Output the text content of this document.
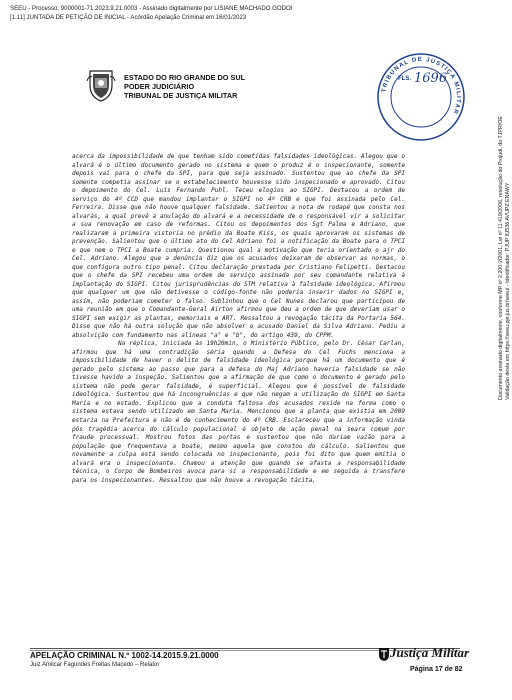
SEEU - Processo: 9000001-71.2023.9.21.0003 - Assinado digitalmente por LISIANE MACHADO GODOI
[1.11] JUNTADA DE PETIÇÃO DE INICIAL - Acórdão Apelação Criminal em 16/01/2023
Documento assinado digitalmente, conforme MP nº 2.200-2/2001, Lei nº 11.419/2006, resolução do Projudi, do TJPR/OE Validação desta em https://seeu.pje.jus.br/seeu/ - Identificador: PJUP 8J536 AVUPZ ENAWY
ESTADO DO RIO GRANDE DO SUL
PODER JUDICIÁRIO
TRIBUNAL DE JUSTIÇA MILITAR
TRIBUNAL DE JUSTIÇA MILITAR
FLS. 1696

acerca da impossibilidade de que tenham sido cometidas falsidades ideológicas. Alegou que o alvará é o último documento gerado no sistema e quem o produz é o inspecionante, somente depois vai para o chefe da SPI, para que seja assinado. Sustentou que ao chefe da SPI somente competia assinar se o estabelecimento houvesse sido inspecionado e aprovado. Citou o depoimento do Cel. Luís Fernando Puhl. Teceu elogios ao SIGPI. Destacou a ordem de serviço do 4º CCD que mandou implantar o SIGPI no 4º CRB e que foi assinada pelo Cel. Ferreira. Disse que não houve qualquer falsidade. Salientou a nota de rodapé que consta nos alvarás, a qual prevê a anulação do alvará e a necessidade de o responsável vir a solicitar a sua renovação em caso de reformas. Citou os depoimentos dos Sgt Palma e Adriano, que realizaram a primeira vistoria no prédio da Boate Kiss, os quais aprovaram os sistemas de prevenção. Salientou que o último ato do Cel Adriano foi a notificação da Boate para o TPCI e que nem o TPCI a Boate cumpria. Questionou qual a motivação que teria orientado o ajr do Cel. Adriano. Alegou que a denúncia diz que os acusados deixaram de observar as normas, o que configura outro tipo penal. Citou declaração prestada por Cristiano Felipetti. Destacou que o chefe da SPI recebeu uma ordem de serviço assinada por seu comandante relativa à implantação do SIGPI. Citou jurisprudências do STM relativa à falsidade ideológica. Afirmou que qualquer um que não detivesse o código-fonte não poderia inserir dados no SIGPI e, assim, não poderiam cometer o falso. Sublinhou que o Cel Nunes declarou que participou de uma reunião em que o Comandante-Geral Airton afirmou que deu a ordem de que deveriam usar o SIGPI sem exigir as plantas, memoriais e ART. Ressaltou a revogação tácita da Portaria 564. Disse que não há outra solução que não absolver o acusado Daniel da Silva Adriano. Pediu a absolvição com fundamento nas alíneas "a" e "b", do artigo 439, do CPPM.

Na réplica, iniciada às 19h20min, o Ministério Público, pelo Dr. César Carlan, afirmou que há uma contradição séria quando a Defesa do Cel Fuchs menciona a impossibilidade de haver o delito de falsidade ideológica porque há um documento que é gerado pelo sistema ao passo que para a defesa do Maj Adriano haveria falsidade se não tivesse havido a inspeção. Salientou que a afirmação de que como o documento é gerado pelo sistema não pode gerar falsidade, é superficial. Alegou que é possível de falsidade ideológica. Sustentou que há incongruências e que não negam a utilização do SIGPI em Santa Maria e no estado. Explicou que a conduta faltosa dos acusados reside na forma como o sistema estava sendo utilizado em Santa Maria. Mencionou que a planta que existia em 2009 estaria na Prefeitura e não é de conhecimento do 4º CRB. Esclareceu que a informação vinda pós tragédia acerca do cálculo populacional é objeto de ação penal na seara comum por fraude processual. Mostrou fotos das portas e sustentou que não dariam vazão para a população que frequentava a boate, mesmo aquela que constou do cálculo. Salientou que novamente a culpa está sendo colocada no inspecionante, pois foi dito que quem emitia o alvará era o inspecionante. Chamou a atenção que quando se afasta a responsabilidade técnica, o Corpo de Bombeiros avoca para si a responsabilidade e em seguida a transfere para os inspecionantes. Ressaltou que não houve a revogação tácita,

APELAÇÃO CRIMINAL N.º 1002-14.2015.9.21.0000
Juiz Amilcar Fagundes Freitas Macedo – Relator
Justiça Militar
Página 17 de 82
